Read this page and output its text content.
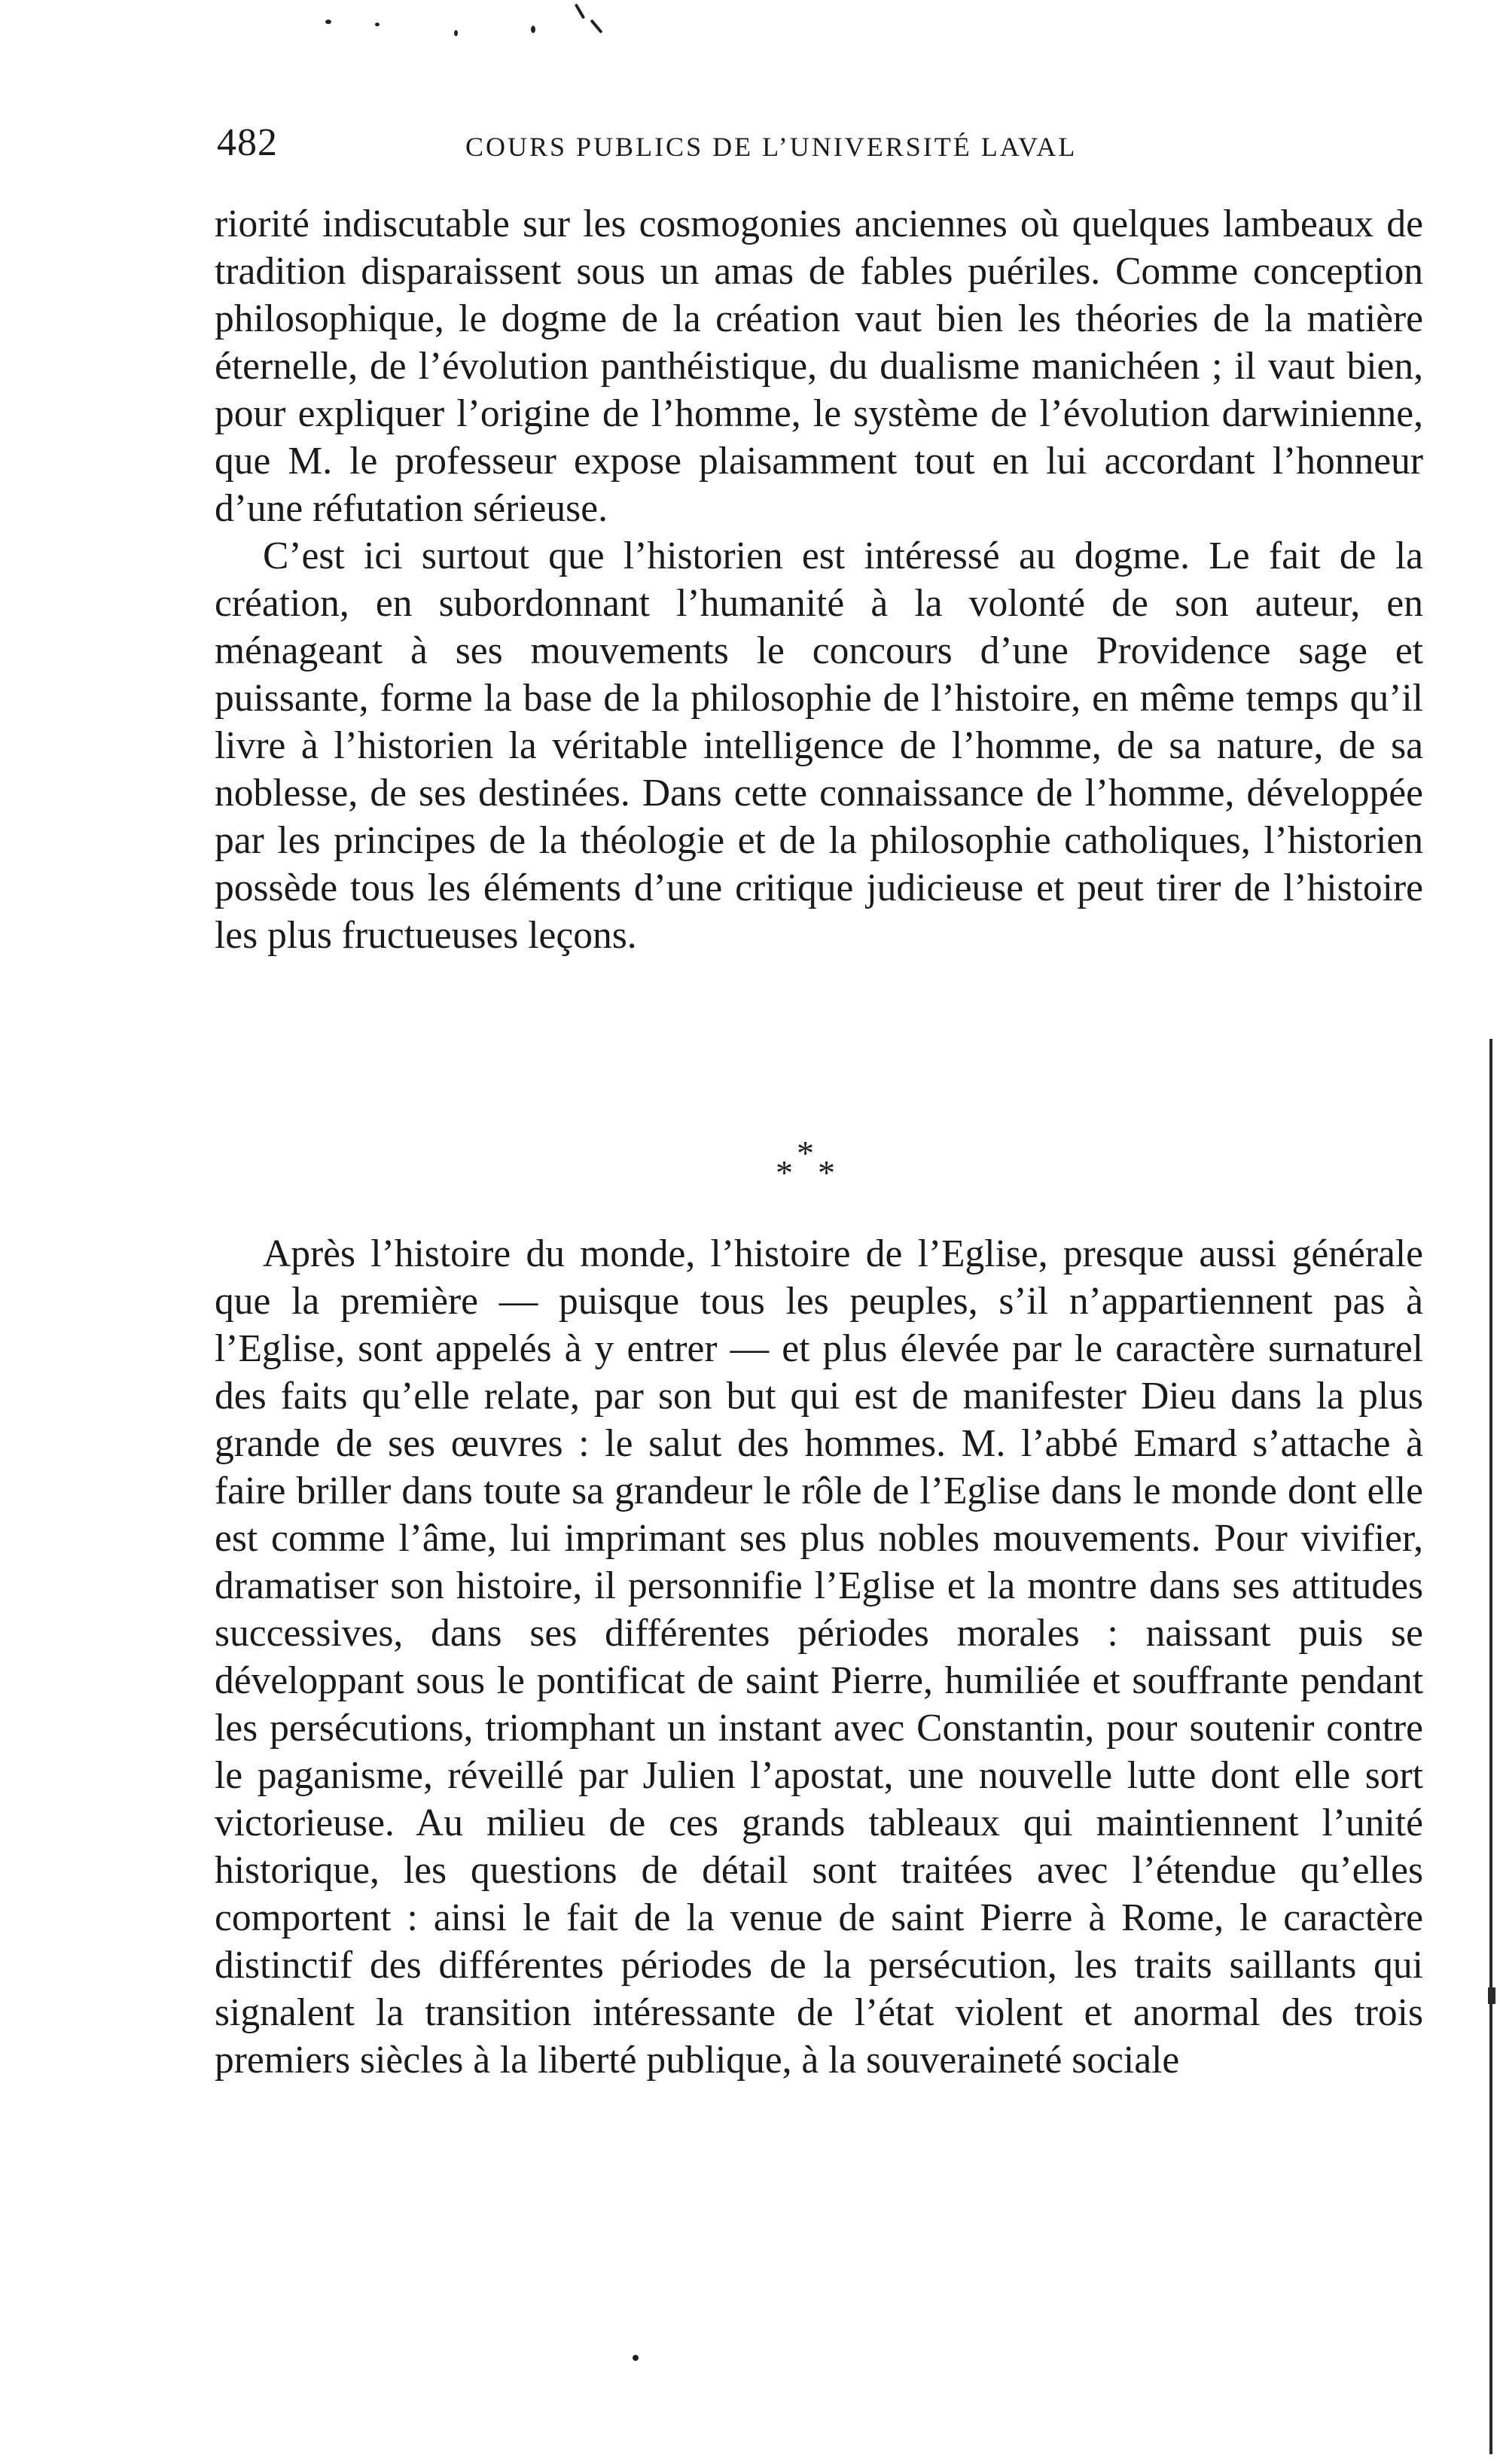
482	COURS PUBLICS DE L’UNIVERSITÉ LAVAL

riorité indiscutable sur les cosmogonies anciennes où quelques lambeaux de tradition disparaissent sous un amas de fables puériles. Comme conception philosophique, le dogme de la création vaut bien les théories de la matière éternelle, de l’évolution panthéistique, du dualisme manichéen ; il vaut bien, pour expliquer l’origine de l’homme, le système de l’évolution darwinienne, que M. le professeur expose plaisamment tout en lui accordant l’honneur d’une réfutation sérieuse.

C’est ici surtout que l’historien est intéressé au dogme. Le fait de la création, en subordonnant l’humanité à la volonté de son auteur, en ménageant à ses mouvements le concours d’une Providence sage et puissante, forme la base de la philosophie de l’histoire, en même temps qu’il livre à l’historien la véritable intelligence de l’homme, de sa nature, de sa noblesse, de ses destinées. Dans cette connaissance de l’homme, développée par les principes de la théologie et de la philosophie catholiques, l’historien possède tous les éléments d’une critique judicieuse et peut tirer de l’histoire les plus fructueuses leçons.

*
* *

Après l’histoire du monde, l’histoire de l’Eglise, presque aussi générale que la première — puisque tous les peuples, s’il n’appartiennent pas à l’Eglise, sont appelés à y entrer — et plus élevée par le caractère surnaturel des faits qu’elle relate, par son but qui est de manifester Dieu dans la plus grande de ses œuvres : le salut des hommes. M. l’abbé Emard s’attache à faire briller dans toute sa grandeur le rôle de l’Eglise dans le monde dont elle est comme l’âme, lui imprimant ses plus nobles mouvements. Pour vivifier, dramatiser son histoire, il personnifie l’Eglise et la montre dans ses attitudes successives, dans ses différentes périodes morales : naissant puis se développant sous le pontificat de saint Pierre, humiliée et souffrante pendant les persécutions, triomphant un instant avec Constantin, pour soutenir contre le paganisme, réveillé par Julien l’apostat, une nouvelle lutte dont elle sort victorieuse. Au milieu de ces grands tableaux qui maintiennent l’unité historique, les questions de détail sont traitées avec l’étendue qu’elles comportent : ainsi le fait de la venue de saint Pierre à Rome, le caractère distinctif des différentes périodes de la persécution, les traits saillants qui signalent la transition intéressante de l’état violent et anormal des trois premiers siècles à la liberté publique, à la souveraineté sociale
